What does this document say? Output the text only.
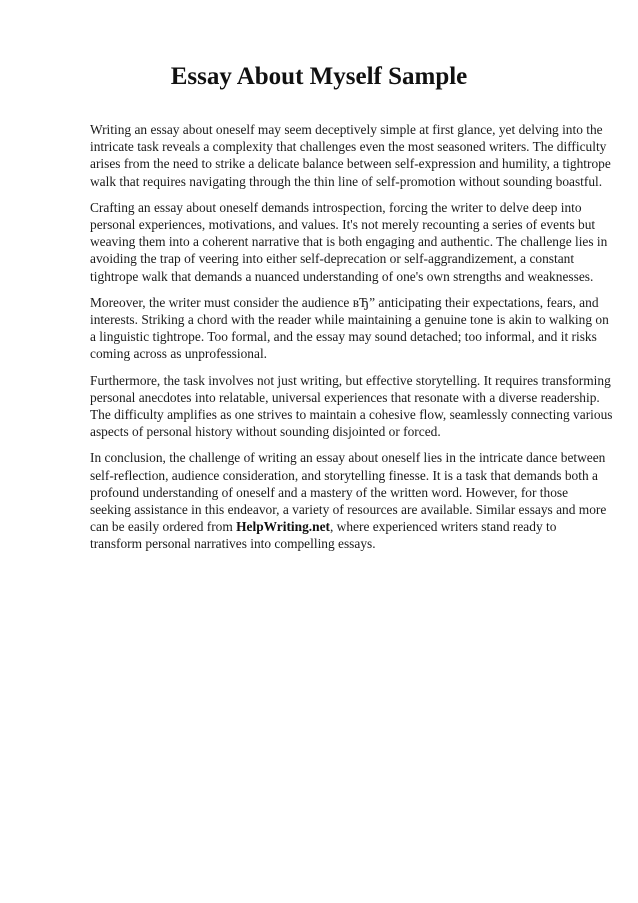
Essay About Myself Sample

Writing an essay about oneself may seem deceptively simple at first glance, yet delving into the
intricate task reveals a complexity that challenges even the most seasoned writers. The difficulty
arises from the need to strike a delicate balance between self-expression and humility, a tightrope
walk that requires navigating through the thin line of self-promotion without sounding boastful.

Crafting an essay about oneself demands introspection, forcing the writer to delve deep into
personal experiences, motivations, and values. It's not merely recounting a series of events but
weaving them into a coherent narrative that is both engaging and authentic. The challenge lies in
avoiding the trap of veering into either self-deprecation or self-aggrandizement, a constant
tightrope walk that demands a nuanced understanding of one's own strengths and weaknesses.

Moreover, the writer must consider the audience вЂ” anticipating their expectations, fears, and
interests. Striking a chord with the reader while maintaining a genuine tone is akin to walking on
a linguistic tightrope. Too formal, and the essay may sound detached; too informal, and it risks
coming across as unprofessional.

Furthermore, the task involves not just writing, but effective storytelling. It requires transforming
personal anecdotes into relatable, universal experiences that resonate with a diverse readership.
The difficulty amplifies as one strives to maintain a cohesive flow, seamlessly connecting various
aspects of personal history without sounding disjointed or forced.

In conclusion, the challenge of writing an essay about oneself lies in the intricate dance between
self-reflection, audience consideration, and storytelling finesse. It is a task that demands both a
profound understanding of oneself and a mastery of the written word. However, for those
seeking assistance in this endeavor, a variety of resources are available. Similar essays and more
can be easily ordered from HelpWriting.net, where experienced writers stand ready to
transform personal narratives into compelling essays.
